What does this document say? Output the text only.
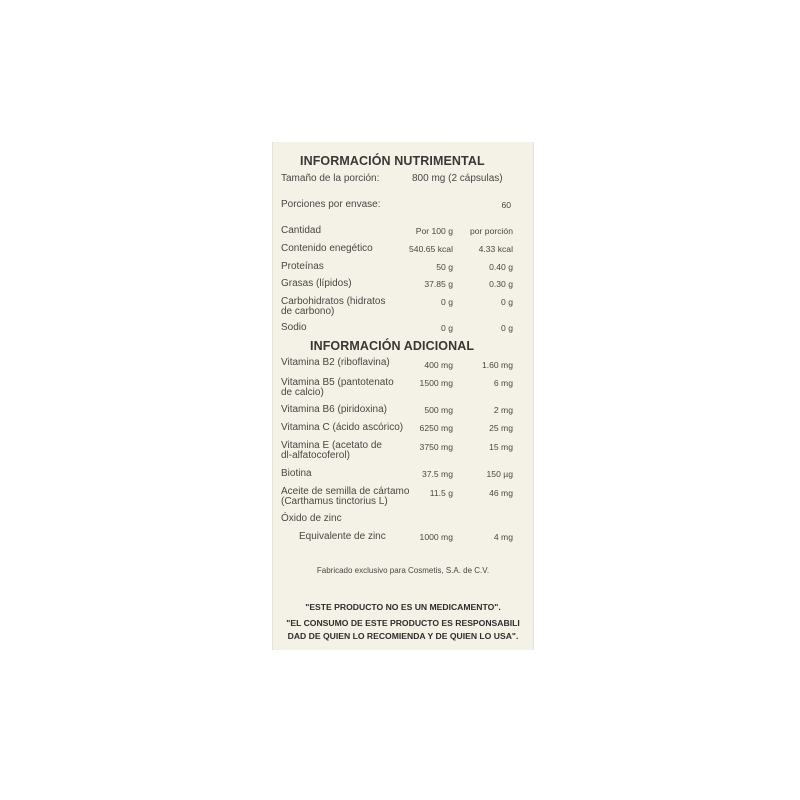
INFORMACIÓN NUTRIMENTAL
Tamaño de la porción:	800 mg (2 cápsulas)
Porciones por envase:	60
Cantidad	Por 100 g	por porción
Contenido enegético	540.65 kcal	4.33 kcal
Proteínas	50 g	0.40 g
Grasas (lípidos)	37.85 g	0.30 g
Carbohidratos (hidratos
de carbono)
0 g	0 g
Sodio	0 g	0 g
INFORMACIÓN ADICIONAL
Vitamina B2 (riboflavina)	400 mg	1.60 mg
Vitamina B5 (pantotenato
de calcio)
1500 mg	6 mg
Vitamina B6 (piridoxina)	500 mg	2 mg
Vitamina C (ácido ascórico)	6250 mg	25 mg
Vitamina E (acetato de
dl-alfatocoferol)
3750 mg	15 mg
Biotina	37.5 mg	150 µg
Aceite de semilla de cártamo
(Carthamus tinctorius L)
11.5 g	46 mg
Óxido de zinc
Equivalente de zinc	1000 mg	4 mg
Fabricado exclusivo para Cosmetis, S.A. de C.V.
"ESTE PRODUCTO NO ES UN MEDICAMENTO".
"EL CONSUMO DE ESTE PRODUCTO ES RESPONSABILI
DAD DE QUIEN LO RECOMIENDA Y DE QUIEN LO USA".
